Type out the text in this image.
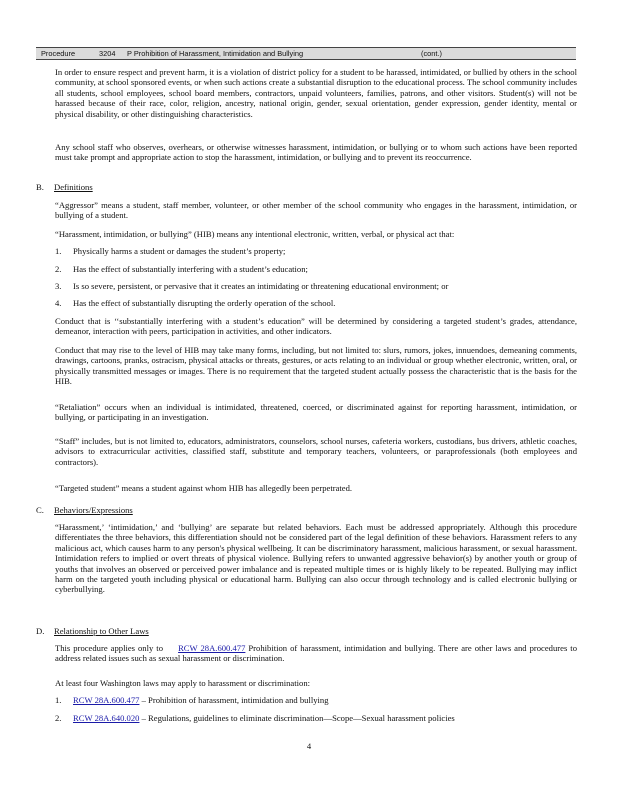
Procedure	3204 P Prohibition of Harassment, Intimidation and Bullying	(cont.)

In order to ensure respect and prevent harm, it is a violation of district policy for a student to be harassed, intimidated, or bullied by others in the school community, at school sponsored events, or when such actions create a substantial disruption to the educational process. The school community includes all students, school employees, school board members, contractors, unpaid volunteers, families, patrons, and other visitors. Student(s) will not be harassed because of their race, color, religion, ancestry, national origin, gender, sexual orientation, gender expression, gender identity, mental or physical disability, or other distinguishing characteristics.

Any school staff who observes, overhears, or otherwise witnesses harassment, intimidation, or bullying or to whom such actions have been reported must take prompt and appropriate action to stop the harassment, intimidation, or bullying and to prevent its reoccurrence.

B. Definitions

“Aggressor” means a student, staff member, volunteer, or other member of the school community who engages in the harassment, intimidation, or bullying of a student.

“Harassment, intimidation, or bullying” (HIB) means any intentional electronic, written, verbal, or physical act that:

1. Physically harms a student or damages the student’s property;

2. Has the effect of substantially interfering with a student’s education;

3. Is so severe, persistent, or pervasive that it creates an intimidating or threatening educational environment; or

4. Has the effect of substantially disrupting the orderly operation of the school.

Conduct that is ‘‘substantially interfering with a student’s education” will be determined by considering a targeted student’s grades, attendance, demeanor, interaction with peers, participation in activities, and other indicators.

Conduct that may rise to the level of HIB may take many forms, including, but not limited to: slurs, rumors, jokes, innuendoes, demeaning comments, drawings, cartoons, pranks, ostracism, physical attacks or threats, gestures, or acts relating to an individual or group whether electronic, written, oral, or physically transmitted messages or images. There is no requirement that the targeted student actually possess the characteristic that is the basis for the HIB.

“Retaliation” occurs when an individual is intimidated, threatened, coerced, or discriminated against for reporting harassment, intimidation, or bullying, or participating in an investigation.

“Staff” includes, but is not limited to, educators, administrators, counselors, school nurses, cafeteria workers, custodians, bus drivers, athletic coaches, advisors to extracurricular activities, classified staff, substitute and temporary teachers, volunteers, or paraprofessionals (both employees and contractors).

“Targeted student” means a student against whom HIB has allegedly been perpetrated.

C. Behaviors/Expressions

“Harassment,’ ‘intimidation,’ and ‘bullying’ are separate but related behaviors. Each must be addressed appropriately. Although this procedure differentiates the three behaviors, this differentiation should not be considered part of the legal definition of these behaviors. Harassment refers to any malicious act, which causes harm to any person's physical wellbeing. It can be discriminatory harassment, malicious harassment, or sexual harassment. Intimidation refers to implied or overt threats of physical violence. Bullying refers to unwanted aggressive behavior(s) by another youth or group of youths that involves an observed or perceived power imbalance and is repeated multiple times or is highly likely to be repeated. Bullying may inflict harm on the targeted youth including physical or educational harm. Bullying can also occur through technology and is called electronic bullying or cyberbullying.

D. Relationship to Other Laws

This procedure applies only to RCW 28A.600.477 Prohibition of harassment, intimidation and bullying. There are other laws and procedures to address related issues such as sexual harassment or discrimination.

At least four Washington laws may apply to harassment or discrimination:

1. RCW 28A.600.477 – Prohibition of harassment, intimidation and bullying

2. RCW 28A.640.020 – Regulations, guidelines to eliminate discrimination—Scope—Sexual harassment policies

4
